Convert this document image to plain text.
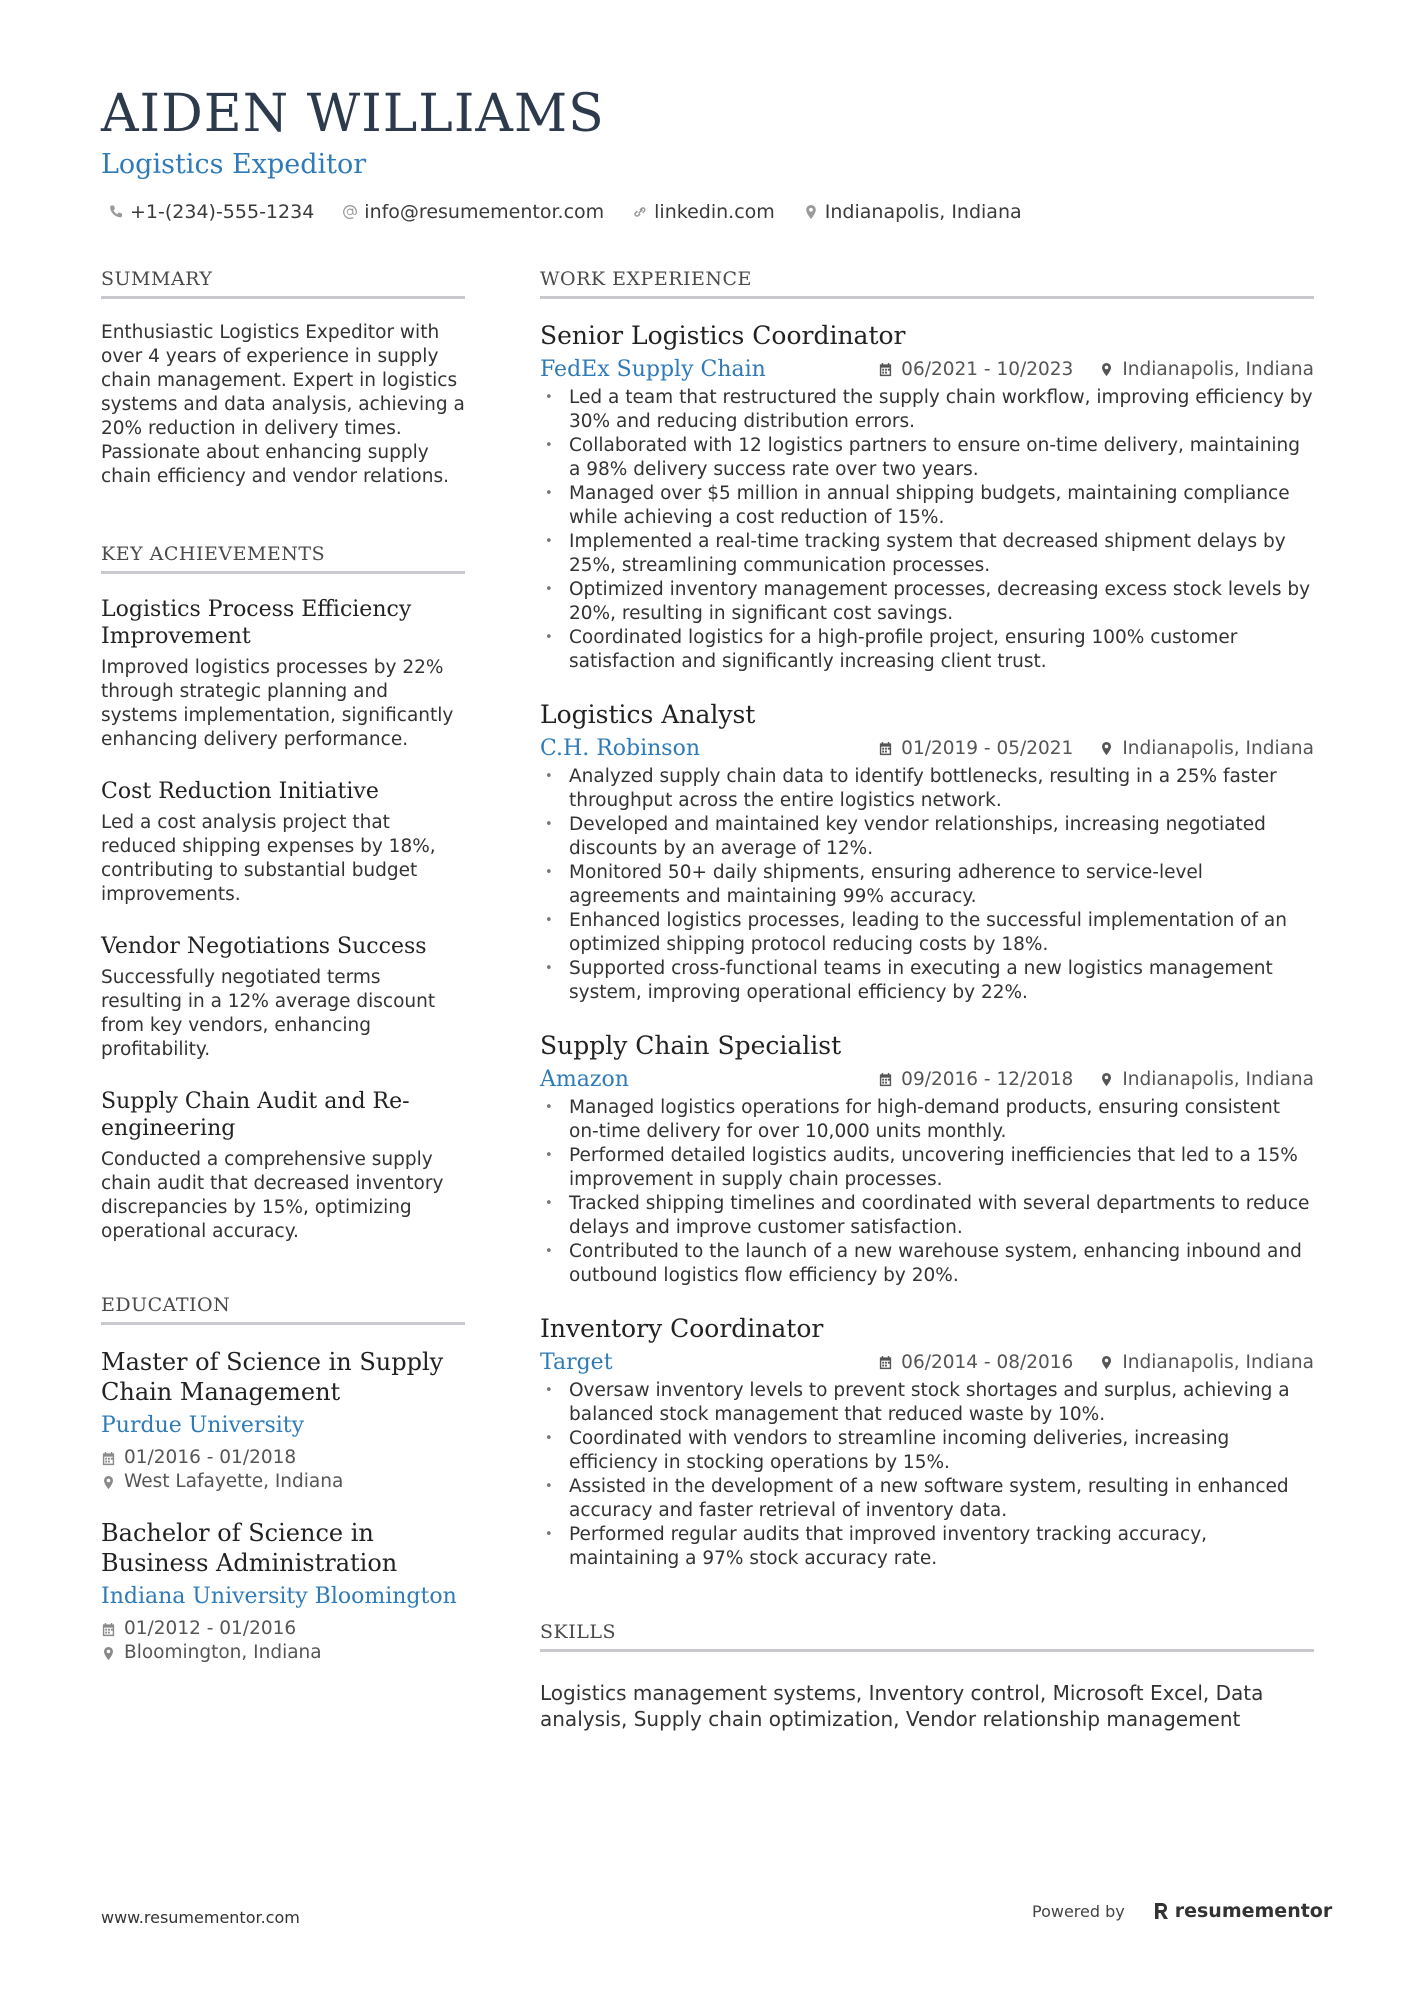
AIDEN WILLIAMS
Logistics Expeditor
+1-(234)-555-1234	info@resumementor.com	linkedin.com	Indianapolis, Indiana
SUMMARY

Enthusiastic Logistics Expeditor with over 4 years of experience in supply chain management. Expert in logistics systems and data analysis, achieving a 20% reduction in delivery times. Passionate about enhancing supply chain efficiency and vendor relations.

KEY ACHIEVEMENTS

Logistics Process Efficiency Improvement

Improved logistics processes by 22% through strategic planning and systems implementation, significantly enhancing delivery performance.

Cost Reduction Initiative

Led a cost analysis project that reduced shipping expenses by 18%, contributing to substantial budget improvements.

Vendor Negotiations Success

Successfully negotiated terms resulting in a 12% average discount from key vendors, enhancing profitability.

Supply Chain Audit and Re-engineering

Conducted a comprehensive supply chain audit that decreased inventory discrepancies by 15%, optimizing operational accuracy.

EDUCATION

Master of Science in Supply Chain Management

Purdue University

01/2016 - 01/2018
West Lafayette, Indiana

Bachelor of Science in Business Administration

Indiana University Bloomington

01/2012 - 01/2016
Bloomington, Indiana
WORK EXPERIENCE

Senior Logistics Coordinator

FedEx Supply Chain	06/2021 - 10/2023	Indianapolis, Indiana
• Led a team that restructured the supply chain workflow, improving efficiency by 30% and reducing distribution errors.
• Collaborated with 12 logistics partners to ensure on-time delivery, maintaining a 98% delivery success rate over two years.
• Managed over $5 million in annual shipping budgets, maintaining compliance while achieving a cost reduction of 15%.
• Implemented a real-time tracking system that decreased shipment delays by 25%, streamlining communication processes.
• Optimized inventory management processes, decreasing excess stock levels by 20%, resulting in significant cost savings.
• Coordinated logistics for a high-profile project, ensuring 100% customer satisfaction and significantly increasing client trust.

Logistics Analyst

C.H. Robinson	01/2019 - 05/2021	Indianapolis, Indiana
• Analyzed supply chain data to identify bottlenecks, resulting in a 25% faster throughput across the entire logistics network.
• Developed and maintained key vendor relationships, increasing negotiated discounts by an average of 12%.
• Monitored 50+ daily shipments, ensuring adherence to service-level agreements and maintaining 99% accuracy.
• Enhanced logistics processes, leading to the successful implementation of an optimized shipping protocol reducing costs by 18%.
• Supported cross-functional teams in executing a new logistics management system, improving operational efficiency by 22%.

Supply Chain Specialist

Amazon	09/2016 - 12/2018	Indianapolis, Indiana
• Managed logistics operations for high-demand products, ensuring consistent on-time delivery for over 10,000 units monthly.
• Performed detailed logistics audits, uncovering inefficiencies that led to a 15% improvement in supply chain processes.
• Tracked shipping timelines and coordinated with several departments to reduce delays and improve customer satisfaction.
• Contributed to the launch of a new warehouse system, enhancing inbound and outbound logistics flow efficiency by 20%.

Inventory Coordinator

Target	06/2014 - 08/2016	Indianapolis, Indiana
• Oversaw inventory levels to prevent stock shortages and surplus, achieving a balanced stock management that reduced waste by 10%.
• Coordinated with vendors to streamline incoming deliveries, increasing efficiency in stocking operations by 15%.
• Assisted in the development of a new software system, resulting in enhanced accuracy and faster retrieval of inventory data.
• Performed regular audits that improved inventory tracking accuracy, maintaining a 97% stock accuracy rate.
SKILLS

Logistics management systems, Inventory control, Microsoft Excel, Data analysis, Supply chain optimization, Vendor relationship management

www.resumementor.com	Powered by	resumementor
